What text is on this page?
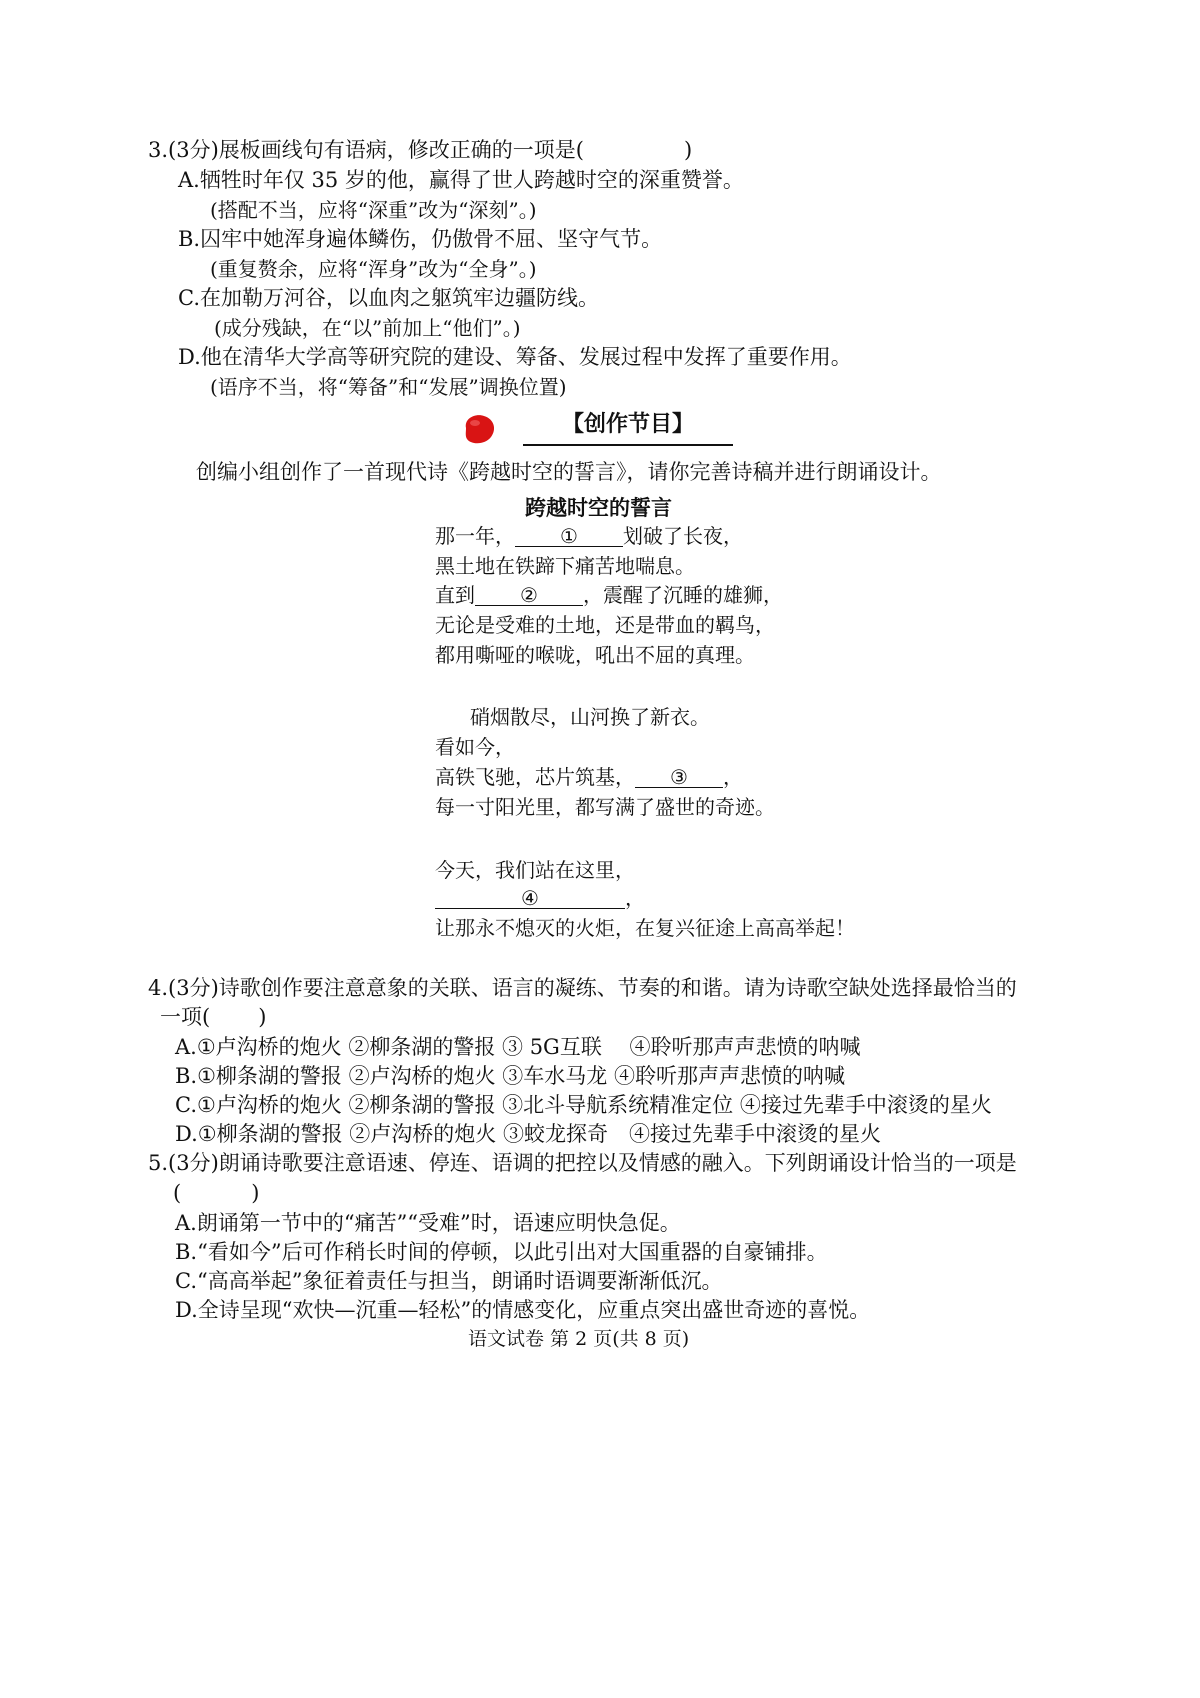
3.(3分)展板画线句有语病，修改正确的一项是(	)
A.牺牲时年仅 35 岁的他，赢得了世人跨越时空的深重赞誉。
(搭配不当，应将“深重”改为“深刻”。)
B.囚牢中她浑身遍体鳞伤，仍傲骨不屈、坚守气节。
(重复赘余，应将“浑身”改为“全身”。)
C.在加勒万河谷，以血肉之躯筑牢边疆防线。
(成分残缺，在“以”前加上“他们”。)
D.他在清华大学高等研究院的建设、筹备、发展过程中发挥了重要作用。
(语序不当，将“筹备”和“发展”调换位置)
【创作节目】
创编小组创作了一首现代诗《跨越时空的誓言》，请你完善诗稿并进行朗诵设计。
跨越时空的誓言
那一年， ① 划破了长夜，
黑土地在铁蹄下痛苦地喘息。
直到 ② ，震醒了沉睡的雄狮，
无论是受难的土地，还是带血的羁鸟，
都用嘶哑的喉咙，吼出不屈的真理。
硝烟散尽，山河换了新衣。
看如今，
高铁飞驰，芯片筑基， ③ ，
每一寸阳光里，都写满了盛世的奇迹。
今天，我们站在这里，
④	，
让那永不熄灭的火炬，在复兴征途上高高举起！
4.(3分)诗歌创作要注意意象的关联、语言的凝练、节奏的和谐。请为诗歌空缺处选择最恰当的
一项( )
A.①卢沟桥的炮火 ②柳条湖的警报 ③ 5G互联　 ④聆听那声声悲愤的呐喊
B.①柳条湖的警报 ②卢沟桥的炮火 ③车水马龙 ④聆听那声声悲愤的呐喊
C.①卢沟桥的炮火 ②柳条湖的警报 ③北斗导航系统精准定位 ④接过先辈手中滚烫的星火
D.①柳条湖的警报 ②卢沟桥的炮火 ③蛟龙探奇　④接过先辈手中滚烫的星火
5.(3分)朗诵诗歌要注意语速、停连、语调的把控以及情感的融入。下列朗诵设计恰当的一项是
(	)
A.朗诵第一节中的“痛苦”“受难”时，语速应明快急促。
B.“看如今”后可作稍长时间的停顿，以此引出对大国重器的自豪铺排。
C.“高高举起”象征着责任与担当，朗诵时语调要渐渐低沉。
D.全诗呈现“欢快—沉重—轻松”的情感变化，应重点突出盛世奇迹的喜悦。
语文试卷 第 2 页(共 8 页)
